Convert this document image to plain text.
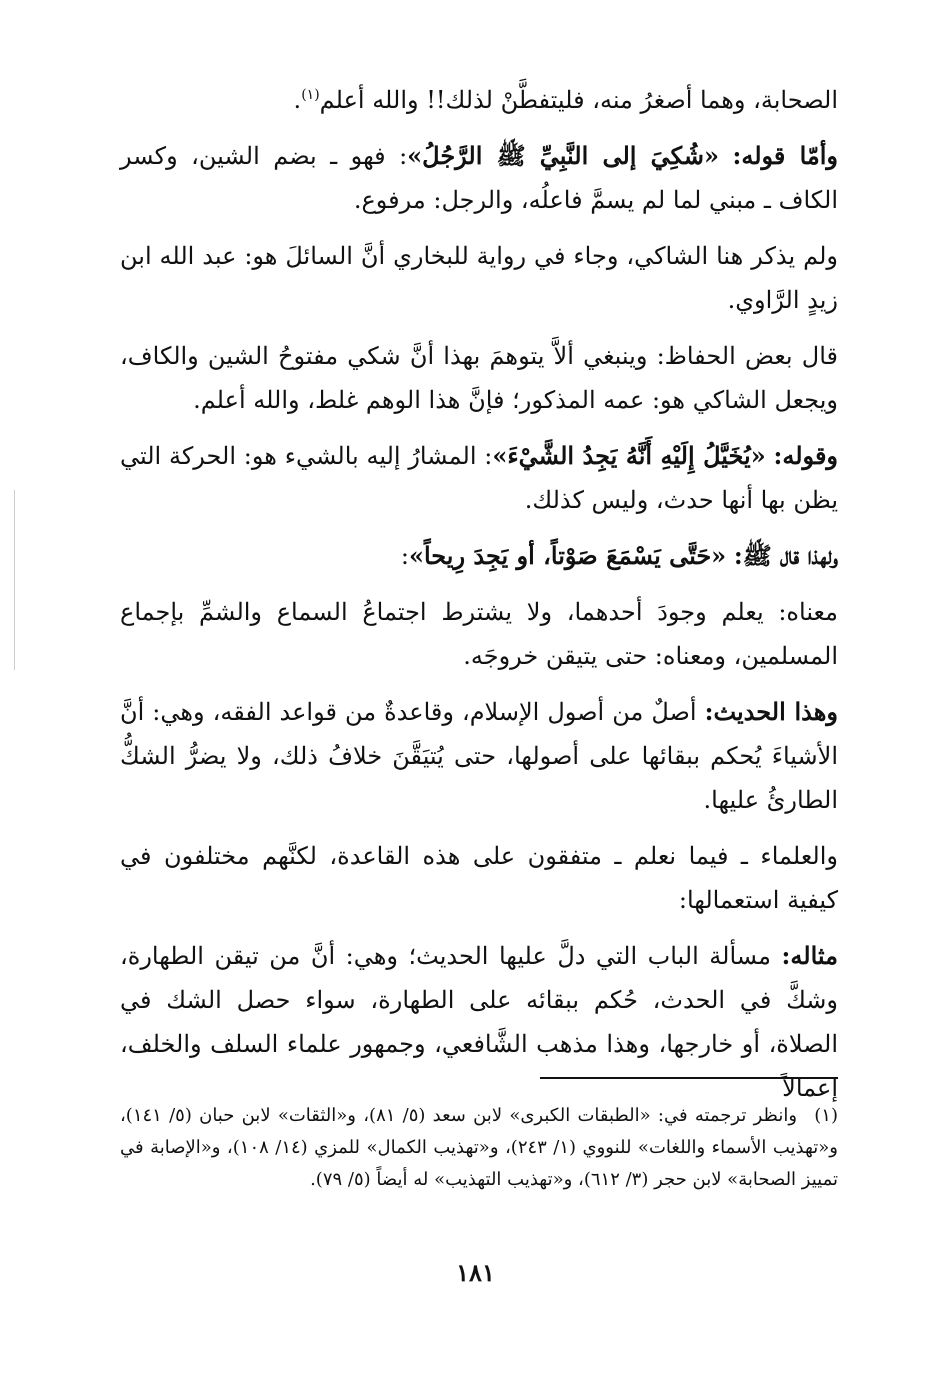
الصحابة، وهما أصغرُ منه، فليتفطَّنْ لذلك!! والله أعلم$^{(١)}$.

وأمّا قوله: «شُكِيَ إلى النَّبِيِّ ﷺ الرَّجُلُ»: فهو ـ بضم الشين، وكسر الكاف ـ مبني لما لم يسمَّ فاعلُه، والرجل: مرفوع.

ولم يذكر هنا الشاكي، وجاء في رواية للبخاري أنَّ السائلَ هو: عبد الله ابن زيدٍ الرَّاوي.

قال بعض الحفاظ: وينبغي ألاَّ يتوهمَ بهذا أنَّ شكي مفتوحُ الشين والكاف، ويجعل الشاكي هو: عمه المذكور؛ فإنَّ هذا الوهم غلط، والله أعلم.

وقوله: «يُخَيَّلُ إِلَيْهِ أَنَّهُ يَجِدُ الشَّيْءَ»: المشارُ إليه بالشيء هو: الحركة التي يظن بها أنها حدث، وليس كذلك.

ولهذا قال ﷺ: «حَتَّى يَسْمَعَ صَوْتاً، أو يَجِدَ رِيحاً»:

معناه: يعلم وجودَ أحدهما، ولا يشترط اجتماعُ السماع والشمِّ بإجماع المسلمين، ومعناه: حتى يتيقن خروجَه.

وهذا الحديث: أصلٌ من أصول الإسلام، وقاعدةٌ من قواعد الفقه، وهي: أنَّ الأشياءَ يُحكم ببقائها على أصولها، حتى يُتيَقَّنَ خلافُ ذلك، ولا يضرُّ الشكُّ الطارئُ عليها.

والعلماء ـ فيما نعلم ـ متفقون على هذه القاعدة، لكنَّهم مختلفون في كيفية استعمالها:

مثاله: مسألة الباب التي دلَّ عليها الحديث؛ وهي: أنَّ من تيقن الطهارة، وشكَّ في الحدث، حُكم ببقائه على الطهارة، سواء حصل الشك في الصلاة، أو خارجها، وهذا مذهب الشَّافعي، وجمهور علماء السلف والخلف، إعمالاً

(١) وانظر ترجمته في: «الطبقات الكبرى» لابن سعد (٥/ ٨١)، و«الثقات» لابن حبان (٥/ ١٤١)، و«تهذيب الأسماء واللغات» للنووي (١/ ٢٤٣)، و«تهذيب الكمال» للمزي (١٤/ ١٠٨)، و«الإصابة في تمييز الصحابة» لابن حجر (٣/ ٦١٢)، و«تهذيب التهذيب» له أيضاً (٥/ ٧٩).
١٨١
